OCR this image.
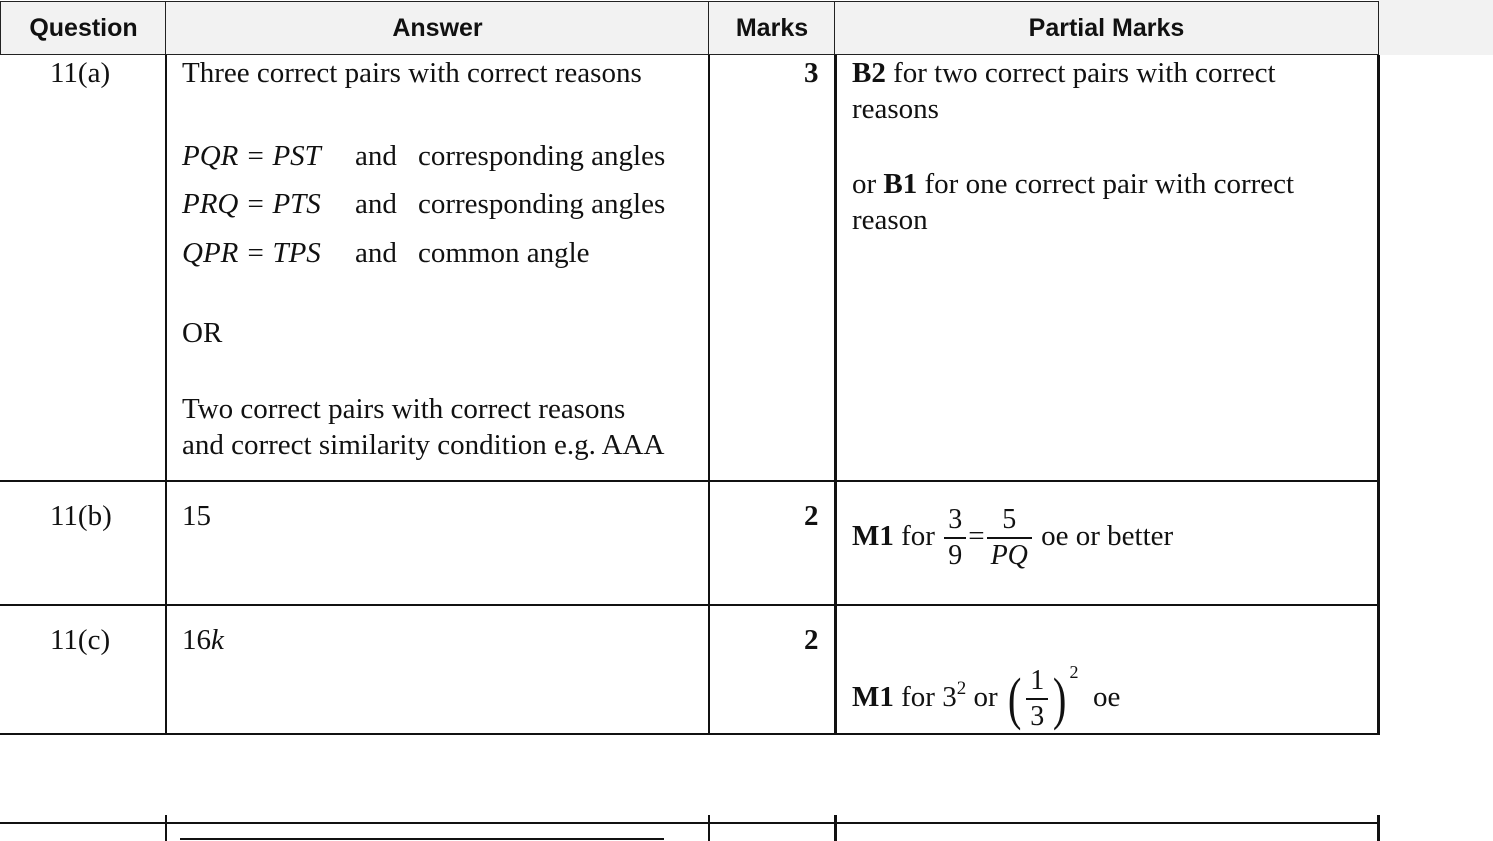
Question	Answer	Marks	Partial Marks
11(a) Three correct pairs with correct reasons
PQR = PST and corresponding angles
PRQ = PTS and corresponding angles
QPR = TPS and common angle
OR
Two correct pairs with correct reasons
and correct similarity condition e.g. AAA
3 B2 for two correct pairs with correct
reasons
or B1 for one correct pair with correct
reason
11(b) 15	2
M1 for $\frac{3}{9} = \frac{5}{PQ}$ oe or better
11(c) 16k	2
M1 for $3^2$ or ( $\frac{1}{3}$ ) $^2$  oe
